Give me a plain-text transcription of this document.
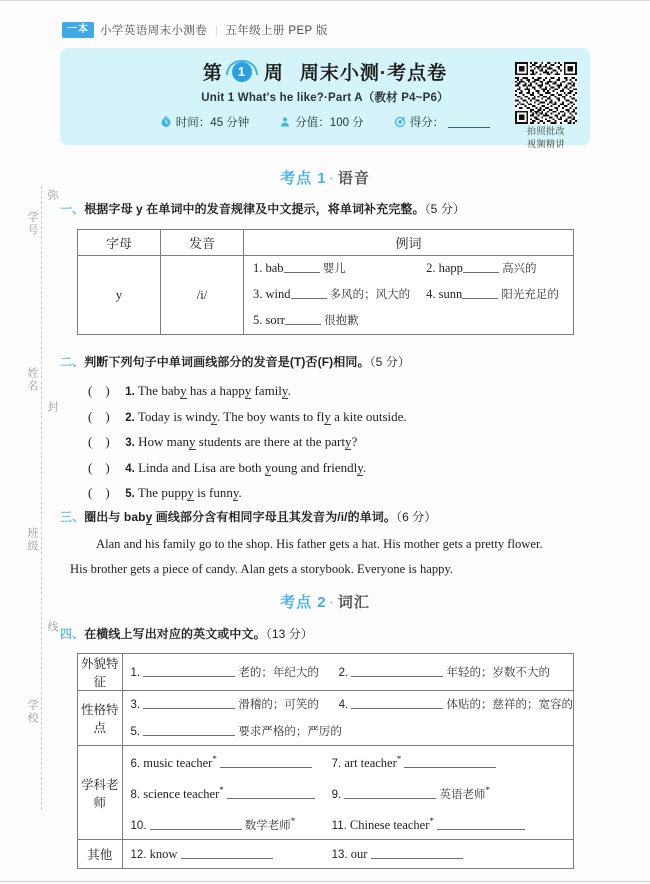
一本 小学英语周末小测卷 | 五年级上册 PEP 版
第	1 周 周末小测·考点卷
Unit 1 What's he like?·Part A（教材 P4~P6）
时间：45 分钟	分值：100 分	得分：
拍照批改
视频精讲
考点 1 · 语音
一、根据字母 y 在单词中的发音规律及中文提示，将单词补充完整。（5 分）
字母	发音	例词
y	/i/	1. bab 婴儿 2. happ 高兴的
3. wind 多风的；风大的 4. sunn 阳光充足的
5. sorr 很抱歉
二、判断下列句子中单词画线部分的发音是(T)否(F)相同。（5 分）
(    ) 1. The baby has a happy family.
(    ) 2. Today is windy. The boy wants to fly a kite outside.
(    ) 3. How many students are there at the party?
(    ) 4. Linda and Lisa are both young and friendly.
(    ) 5. The puppy is funny.
三、圈出与 baby 画线部分含有相同字母且其发音为/i/的单词。（6 分）
Alan and his family go to the shop. His father gets a hat. His mother gets a pretty flower.
His brother gets a piece of candy. Alan gets a storybook. Everyone is happy.
考点 2 · 词汇
四、在横线上写出对应的英文或中文。（13 分）
外貌特征	1. 老的；年纪大的 2. 年轻的；岁数不大的

性格特点	3. 滑稽的；可笑的 4. 体贴的；慈祥的；宽容的
5. 要求严格的；严厉的

学科老师	6. music teacher* 7. art teacher*
8. science teacher* 9. 英语老师*
10. 数学老师* 11. Chinese teacher*

其他	12. know 13. our
学号
姓名
班级
学校
弥
封
线
